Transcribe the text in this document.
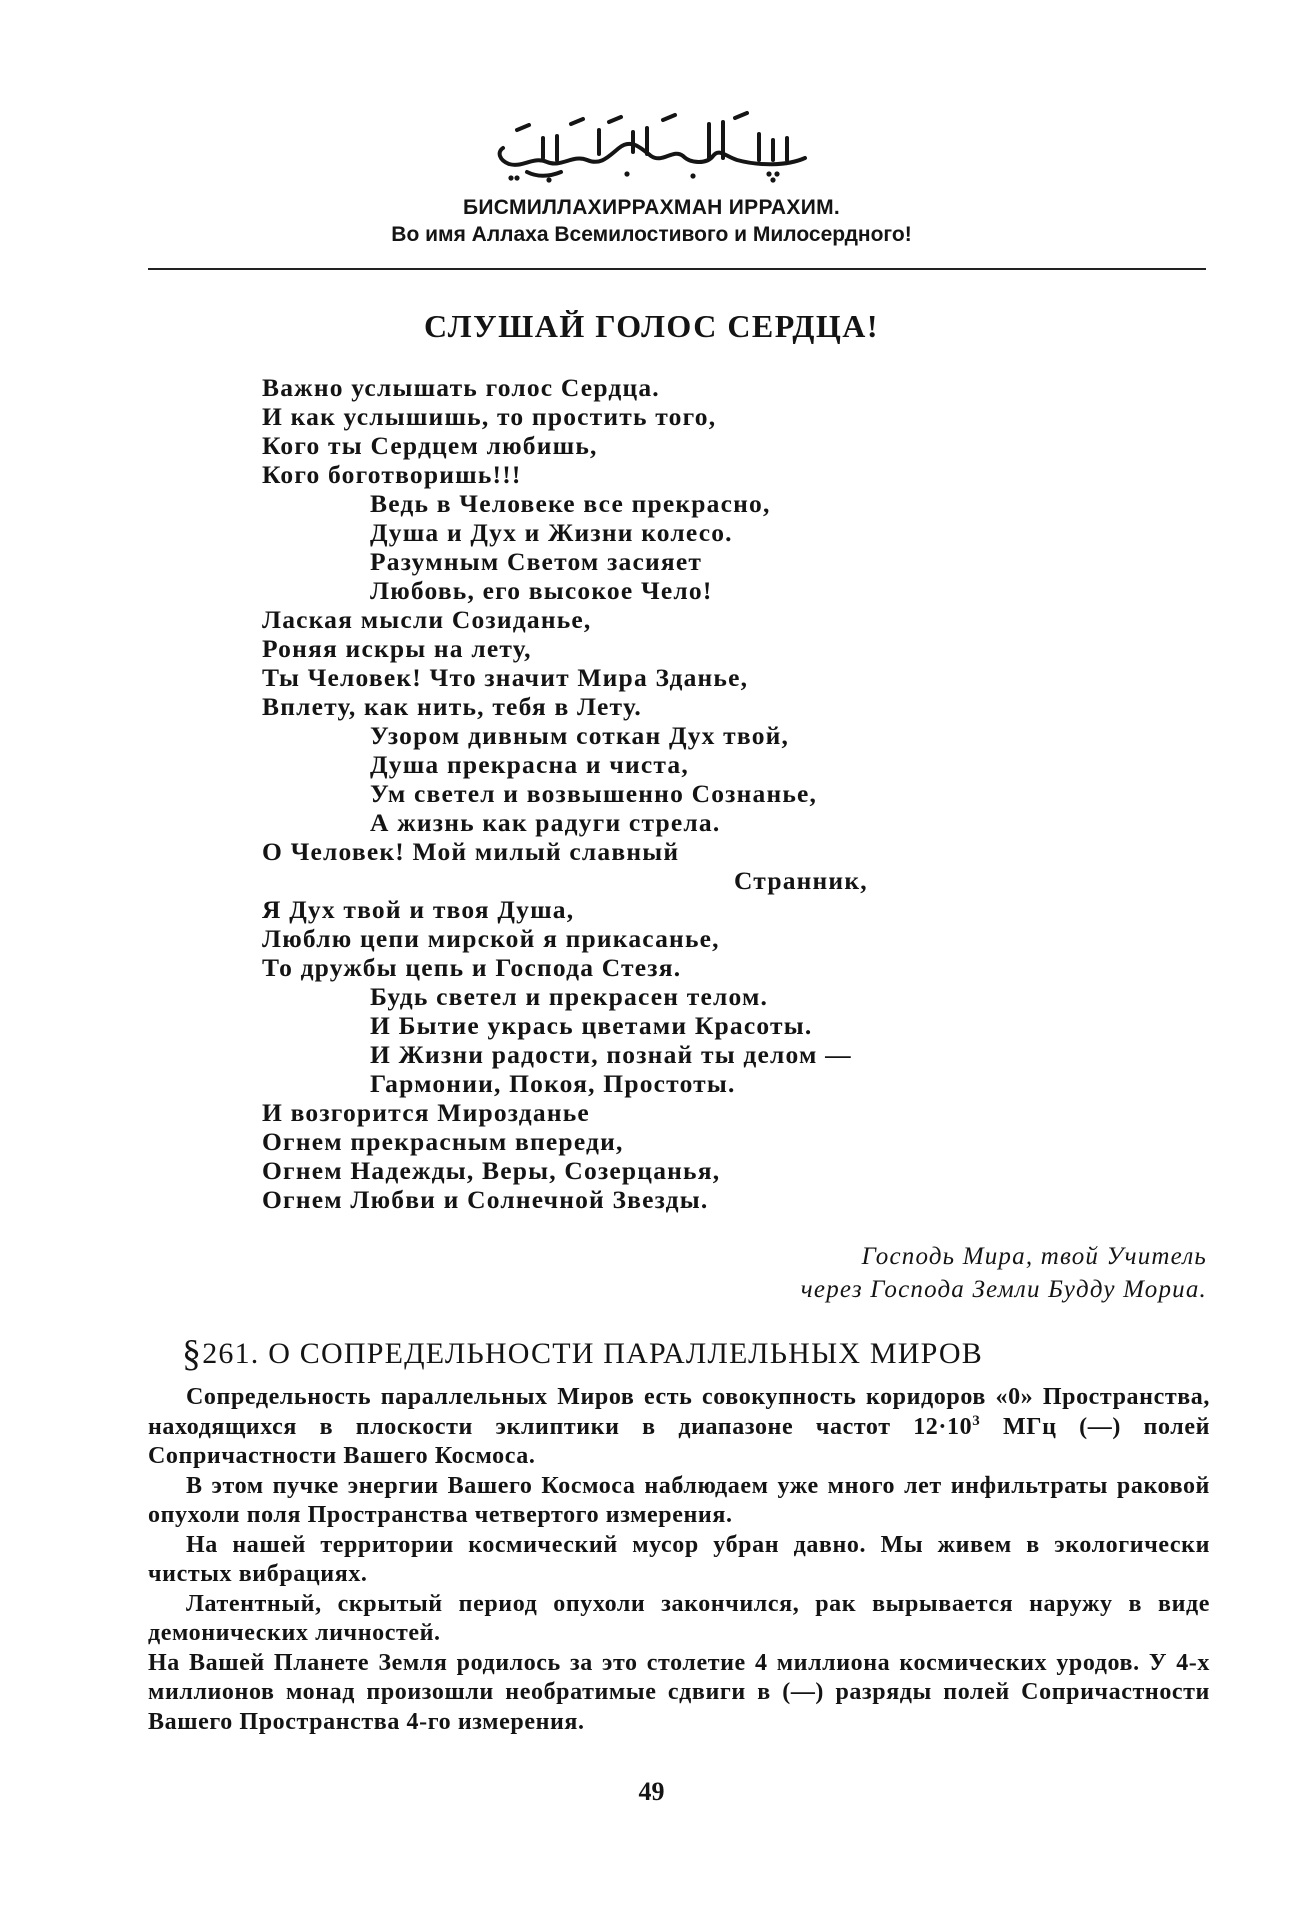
БИСМИЛЛАХИРРАХМАН ИРРАХИМ.
Во имя Аллаха Всемилостивого и Милосердного!
СЛУШАЙ ГОЛОС СЕРДЦА!
Важно услышать голос Сердца.
И как услышишь, то простить того,
Кого ты Сердцем любишь,
Кого боготворишь!!!
Ведь в Человеке все прекрасно,
Душа и Дух и Жизни колесо.
Разумным Светом засияет
Любовь, его высокое Чело!
Лаская мысли Созиданье,
Роняя искры на лету,
Ты Человек! Что значит Мира Зданье,
Вплету, как нить, тебя в Лету.
Узором дивным соткан Дух твой,
Душа прекрасна и чиста,
Ум светел и возвышенно Сознанье,
А жизнь как радуги стрела.
О Человек! Мой милый славный
Странник,
Я Дух твой и твоя Душа,
Люблю цепи мирской я прикасанье,
То дружбы цепь и Господа Стезя.
Будь светел и прекрасен телом.
И Бытие укрась цветами Красоты.
И Жизни радости, познай ты делом —
Гармонии, Покоя, Простоты.
И возгорится Мирозданье
Огнем прекрасным впереди,
Огнем Надежды, Веры, Созерцанья,
Огнем Любви и Солнечной Звезды.
Господь Мира, твой Учитель
через Господа Земли Будду Мориа.
§261. О СОПРЕДЕЛЬНОСТИ ПАРАЛЛЕЛЬНЫХ МИРОВ

Сопредельность параллельных Миров есть совокупность коридоров «0» Пространства, находящихся в плоскости эклиптики в диапазоне частот $12\cdot 10^3$ МГц (—) полей Сопричастности Вашего Космоса.

В этом пучке энергии Вашего Космоса наблюдаем уже много лет инфильтраты раковой опухоли поля Пространства четвертого измерения.

На нашей территории космический мусор убран давно. Мы живем в экологически чистых вибрациях.

Латентный, скрытый период опухоли закончился, рак вырывается наружу в виде демонических личностей.

На Вашей Планете Земля родилось за это столетие 4 миллиона космических уродов. У 4-х миллионов монад произошли необратимые сдвиги в (—) разряды полей Сопричастности Вашего Пространства 4-го измерения.

49
